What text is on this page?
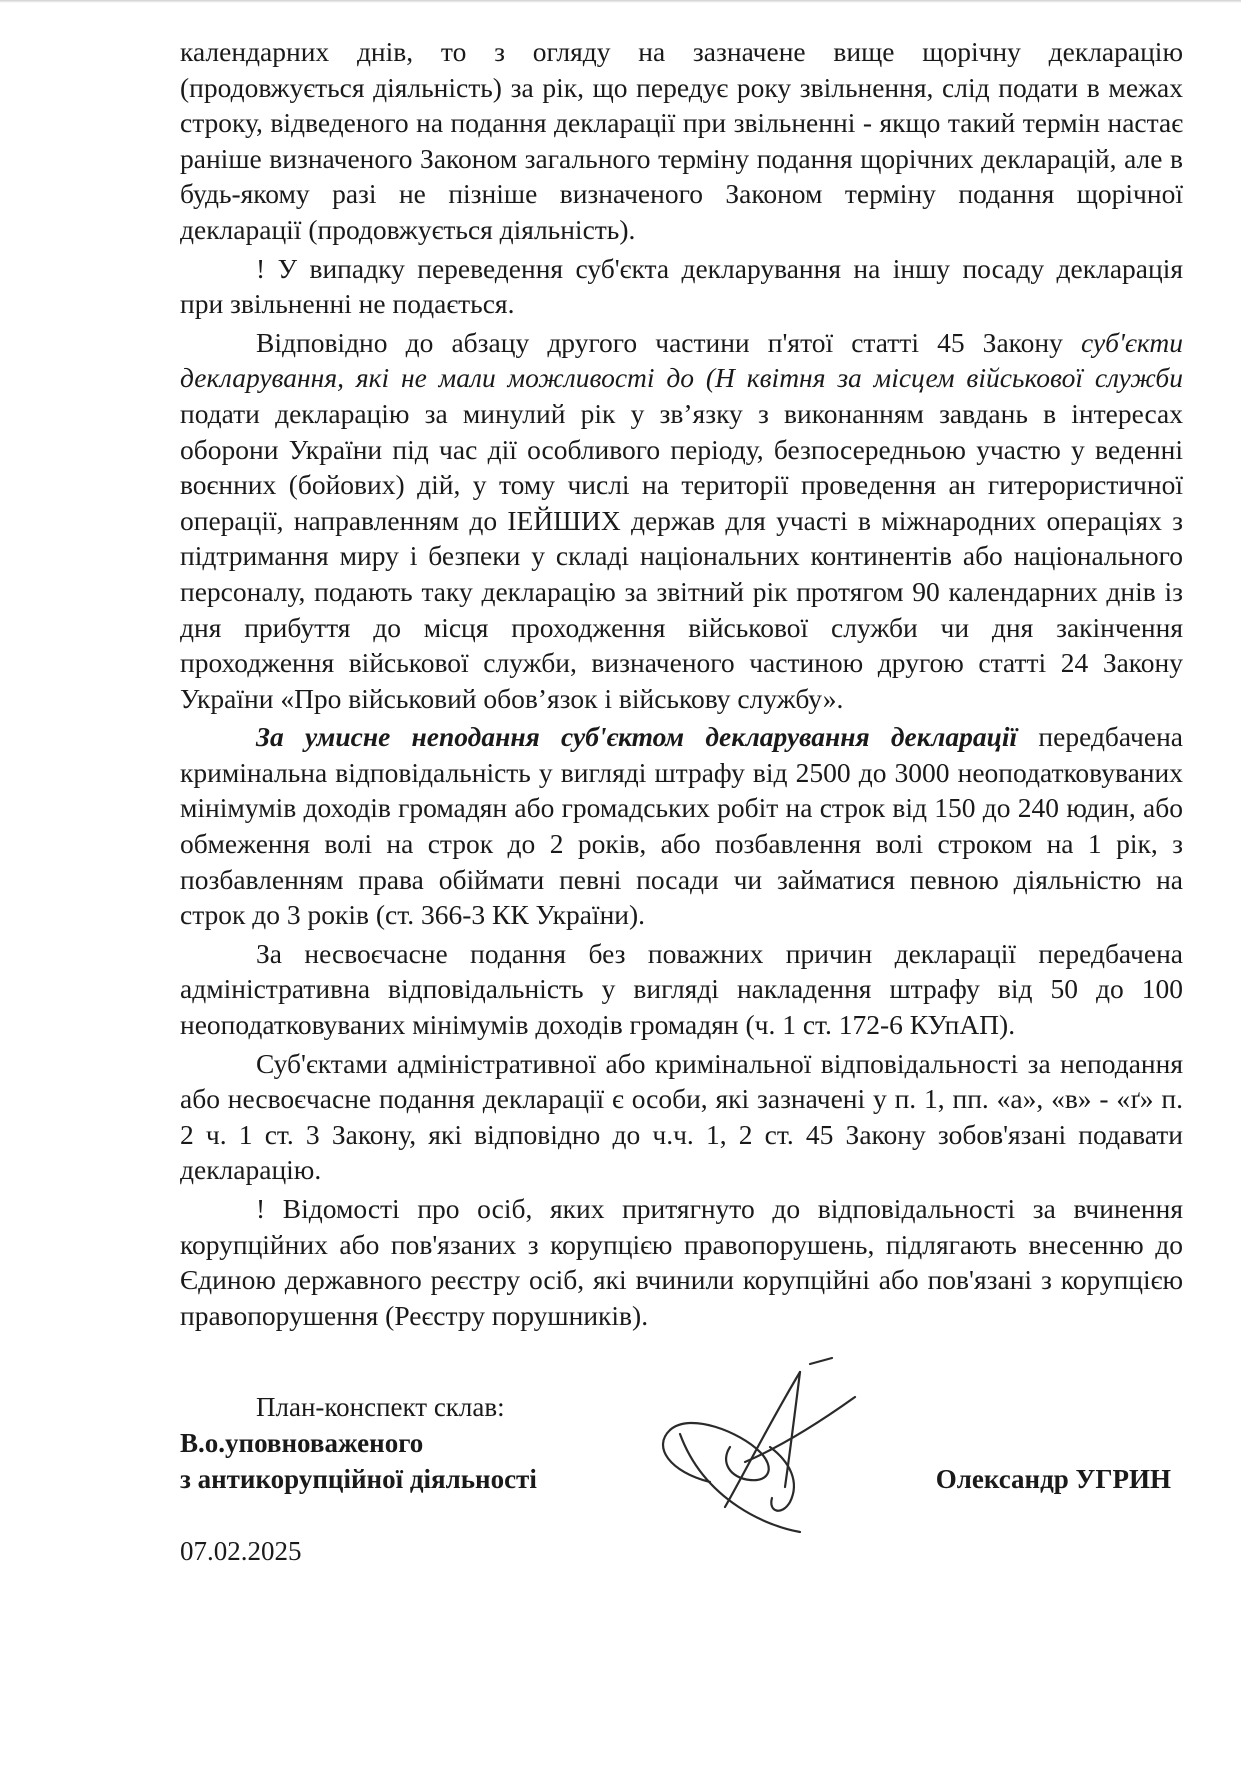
календарних днів, то з огляду на зазначене вище щорічну декларацію (продовжується діяльність) за рік, що передує року звільнення, слід подати в межах строку, відведеного на подання декларації при звільненні - якщо такий термін настає раніше визначеного Законом загального терміну подання щорічних декларацій, але в будь-якому разі не пізніше визначеного Законом терміну подання щорічної декларації (продовжується діяльність).

! У випадку переведення суб'єкта декларування на іншу посаду декларація при звільненні не подається.

Відповідно до абзацу другого частини п'ятої статті 45 Закону суб'єкти декларування, які не мали можливості до (Н квітня за місцем військової служби подати декларацію за минулий рік у зв’язку з виконанням завдань в інтересах оборони України під час дії особливого періоду, безпосередньою участю у веденні воєнних (бойових) дій, у тому числі на території проведення ан гитерористичної операції, направленням до ІЕЙШИХ держав для участі в міжнародних операціях з підтримання миру і безпеки у складі національних континентів або національного персоналу, подають таку декларацію за звітний рік протягом 90 календарних днів із дня прибуття до місця проходження військової служби чи дня закінчення проходження військової служби, визначеного частиною другою статті 24 Закону України «Про військовий обов’язок і військову службу».

За умисне неподання суб'єктом декларування декларації передбачена кримінальна відповідальність у вигляді штрафу від 2500 до 3000 неоподатковуваних мінімумів доходів громадян або громадських робіт на строк від 150 до 240 юдин, або обмеження волі на строк до 2 років, або позбавлення волі строком на 1 рік, з позбавленням права обіймати певні посади чи займатися певною діяльністю на строк до 3 років (ст. 366-3 КК України).

За несвоєчасне подання без поважних причин декларації передбачена адміністративна відповідальність у вигляді накладення штрафу від 50 до 100 неоподатковуваних мінімумів доходів громадян (ч. 1 ст. 172-6 КУпАП).

Суб'єктами адміністративної або кримінальної відповідальності за неподання або несвоєчасне подання декларації є особи, які зазначені у п. 1, пп. «а», «в» - «ґ» п. 2 ч. 1 ст. 3 Закону, які відповідно до ч.ч. 1, 2 ст. 45 Закону зобов'язані подавати декларацію.

! Відомості про осіб, яких притягнуто до відповідальності за вчинення корупційних або пов'язаних з корупцією правопорушень, підлягають внесенню до Єдиною державного реєстру осіб, які вчинили корупційні або пов'язані з корупцією правопорушення (Реєстру порушників).

План-конспект склав:
В.о.уповноваженого
з антикорупційної діяльності	Олександр УГРИН
07.02.2025
